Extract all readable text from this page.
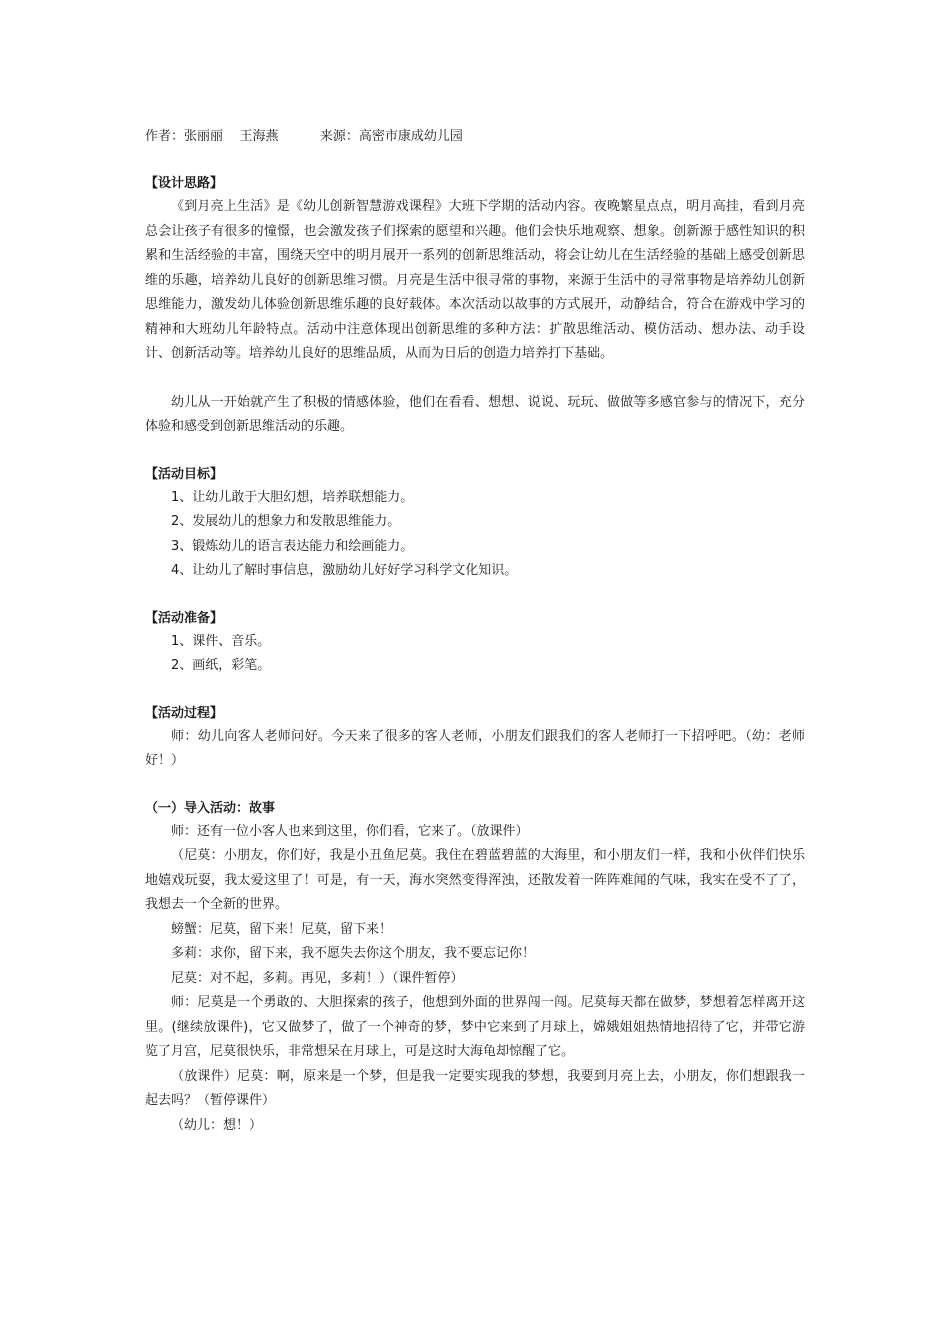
作者：张丽丽    王海燕          来源：高密市康成幼儿园
【设计思路】
《到月亮上生活》是《幼儿创新智慧游戏课程》大班下学期的活动内容。夜晚繁星点点，明月高挂，看到月亮总会让孩子有很多的憧憬，也会激发孩子们探索的愿望和兴趣。他们会快乐地观察、想象。创新源于感性知识的积累和生活经验的丰富，围绕天空中的明月展开一系列的创新思维活动，将会让幼儿在生活经验的基础上感受创新思维的乐趣，培养幼儿良好的创新思维习惯。月亮是生活中很寻常的事物，来源于生活中的寻常事物是培养幼儿创新思维能力，激发幼儿体验创新思维乐趣的良好载体。本次活动以故事的方式展开，动静结合，符合在游戏中学习的精神和大班幼儿年龄特点。活动中注意体现出创新思维的多种方法：扩散思维活动、模仿活动、想办法、动手设计、创新活动等。培养幼儿良好的思维品质，从而为日后的创造力培养打下基础。
幼儿从一开始就产生了积极的情感体验，他们在看看、想想、说说、玩玩、做做等多感官参与的情况下，充分体验和感受到创新思维活动的乐趣。
【活动目标】
1、让幼儿敢于大胆幻想，培养联想能力。
2、发展幼儿的想象力和发散思维能力。
3、锻炼幼儿的语言表达能力和绘画能力。
4、让幼儿了解时事信息，激励幼儿好好学习科学文化知识。
【活动准备】
1、课件、音乐。
2、画纸，彩笔。
【活动过程】
师：幼儿向客人老师问好。今天来了很多的客人老师，小朋友们跟我们的客人老师打一下招呼吧。（幼：老师好！）
（一）导入活动：故事
师：还有一位小客人也来到这里，你们看，它来了。（放课件）
（尼莫：小朋友，你们好，我是小丑鱼尼莫。我住在碧蓝碧蓝的大海里，和小朋友们一样，我和小伙伴们快乐地嬉戏玩耍，我太爱这里了！可是，有一天，海水突然变得浑浊，还散发着一阵阵难闻的气味，我实在受不了了，我想去一个全新的世界。
螃蟹：尼莫，留下来！尼莫，留下来！
多莉：求你，留下来，我不愿失去你这个朋友，我不要忘记你！
尼莫：对不起，多莉。再见，多莉！）（课件暂停）
师：尼莫是一个勇敢的、大胆探索的孩子，他想到外面的世界闯一闯。尼莫每天都在做梦，梦想着怎样离开这里。(继续放课件)，它又做梦了，做了一个神奇的梦，梦中它来到了月球上，嫦娥姐姐热情地招待了它，并带它游览了月宫，尼莫很快乐，非常想呆在月球上，可是这时大海龟却惊醒了它。
（放课件）尼莫：啊，原来是一个梦，但是我一定要实现我的梦想，我要到月亮上去，小朋友，你们想跟我一起去吗？（暂停课件）
（幼儿：想！）
